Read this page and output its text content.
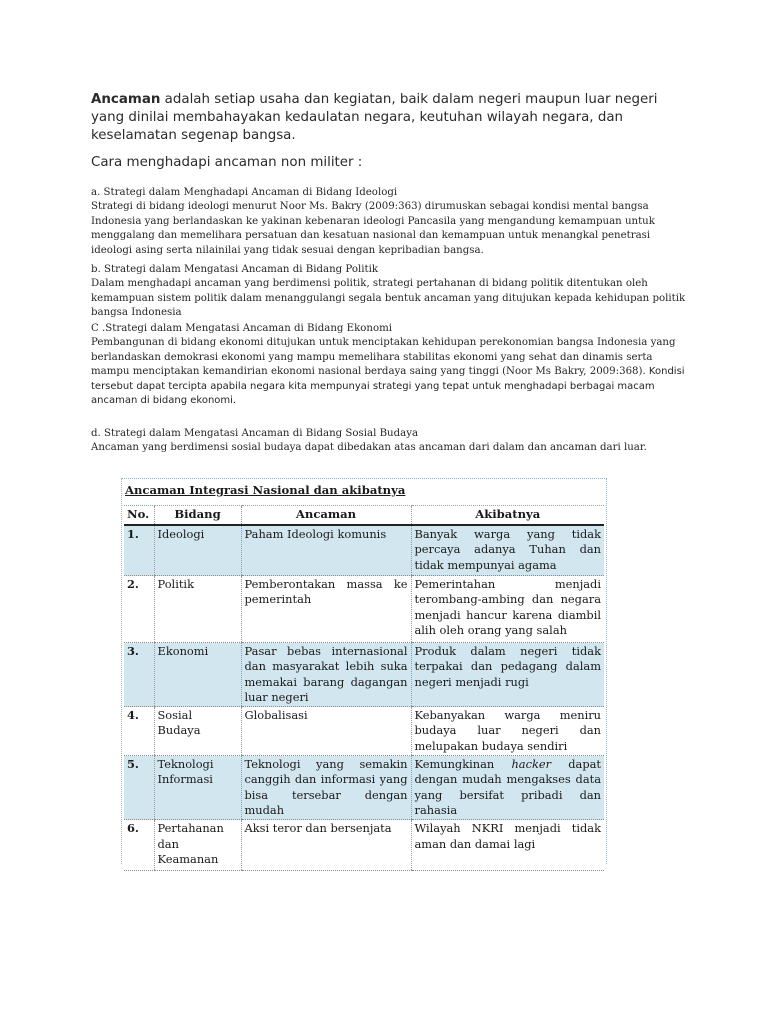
Ancaman adalah setiap usaha dan kegiatan, baik dalam negeri maupun luar negeri yang dinilai membahayakan kedaulatan negara, keutuhan wilayah negara, dan keselamatan segenap bangsa.

Cara menghadapi ancaman non militer :
a. Strategi dalam Menghadapi Ancaman di Bidang Ideologi
Strategi di bidang ideologi menurut Noor Ms. Bakry (2009:363) dirumuskan sebagai kondisi mental bangsa Indonesia yang berlandaskan ke yakinan kebenaran ideologi Pancasila yang mengandung kemampuan untuk menggalang dan memelihara persatuan dan kesatuan nasional dan kemampuan untuk menangkal penetrasi ideologi asing serta nilainilai yang tidak sesuai dengan kepribadian bangsa.
b. Strategi dalam Mengatasi Ancaman di Bidang Politik
Dalam menghadapi ancaman yang berdimensi politik, strategi pertahanan di bidang politik ditentukan oleh kemampuan sistem politik dalam menanggulangi segala bentuk ancaman yang ditujukan kepada kehidupan politik bangsa Indonesia
C .Strategi dalam Mengatasi Ancaman di Bidang Ekonomi
Pembangunan di bidang ekonomi ditujukan untuk menciptakan kehidupan perekonomian bangsa Indonesia yang berlandaskan demokrasi ekonomi yang mampu memelihara stabilitas ekonomi yang sehat dan dinamis serta mampu menciptakan kemandirian ekonomi nasional berdaya saing yang tinggi (Noor Ms Bakry, 2009:368). Kondisi tersebut dapat tercipta apabila negara kita mempunyai strategi yang tepat untuk menghadapi berbagai macam ancaman di bidang ekonomi.
d. Strategi dalam Mengatasi Ancaman di Bidang Sosial Budaya
Ancaman yang berdimensi sosial budaya dapat dibedakan atas ancaman dari dalam dan ancaman dari luar.
Ancaman Integrasi Nasional dan akibatnya
No.	Bidang	Ancaman	Akibatnya
1.	Ideologi	Paham Ideologi komunis	Banyak warga yang tidak percaya adanya Tuhan dan tidak mempunyai agama
2.	Politik	Pemberontakan massa ke pemerintah	Pemerintahan menjadi terombang-ambing dan negara menjadi hancur karena diambil alih oleh orang yang salah
3.	Ekonomi	Pasar bebas internasional dan masyarakat lebih suka memakai barang dagangan luar negeri	Produk dalam negeri tidak terpakai dan pedagang dalam negeri menjadi rugi
4.	Sosial Budaya	Globalisasi	Kebanyakan warga meniru budaya luar negeri dan melupakan budaya sendiri
5.	Teknologi Informasi	Teknologi yang semakin canggih dan informasi yang bisa tersebar dengan mudah	Kemungkinan hacker dapat dengan mudah mengakses data yang bersifat pribadi dan rahasia
6.	Pertahanan dan Keamanan	Aksi teror dan bersenjata	Wilayah NKRI menjadi tidak aman dan damai lagi
